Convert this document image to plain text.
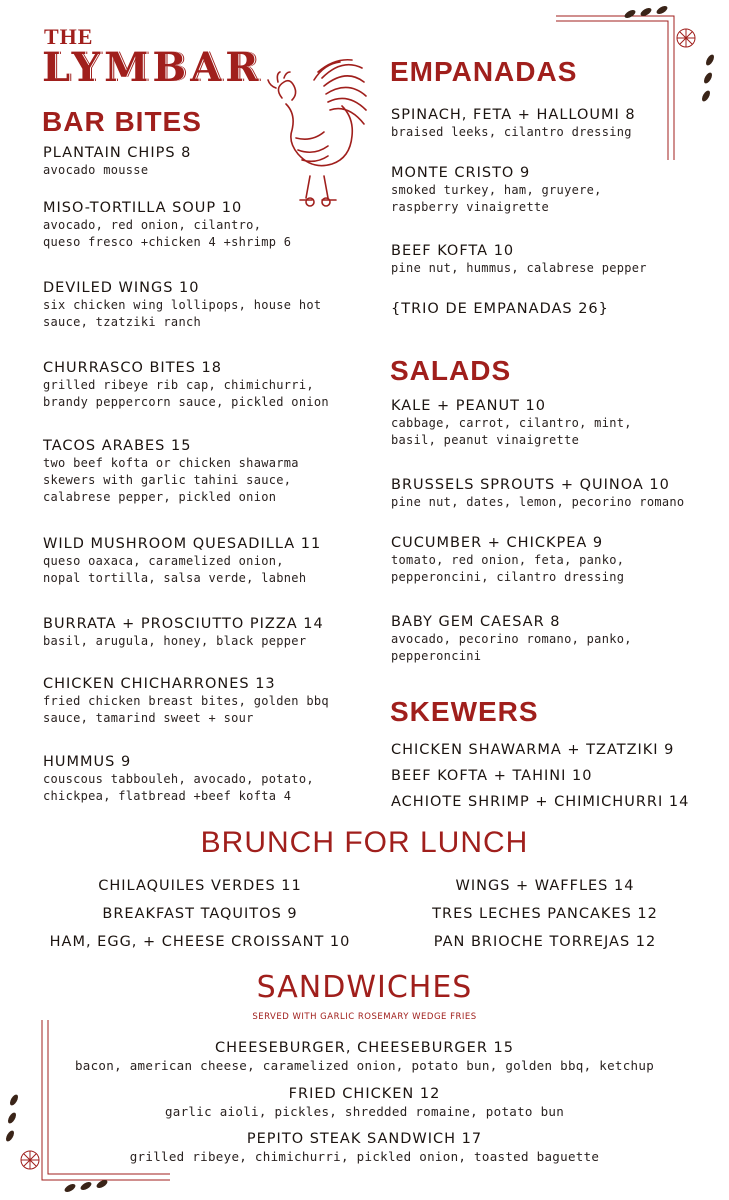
THE
LYMBAR
BAR BITES
PLANTAIN CHIPS 8
avocado mousse
MISO-TORTILLA SOUP 10
avocado, red onion, cilantro,
queso fresco +chicken 4 +shrimp 6
DEVILED WINGS 10
six chicken wing lollipops, house hot
sauce, tzatziki ranch
CHURRASCO BITES 18
grilled ribeye rib cap, chimichurri,
brandy peppercorn sauce, pickled onion
TACOS ARABES 15
two beef kofta or chicken shawarma
skewers with garlic tahini sauce,
calabrese pepper, pickled onion
WILD MUSHROOM QUESADILLA 11
queso oaxaca, caramelized onion,
nopal tortilla, salsa verde, labneh
BURRATA + PROSCIUTTO PIZZA 14
basil, arugula, honey, black pepper
CHICKEN CHICHARRONES 13
fried chicken breast bites, golden bbq
sauce, tamarind sweet + sour
HUMMUS 9
couscous tabbouleh, avocado, potato,
chickpea, flatbread +beef kofta 4
EMPANADAS
SPINACH, FETA + HALLOUMI 8
braised leeks, cilantro dressing
MONTE CRISTO 9
smoked turkey, ham, gruyere,
raspberry vinaigrette
BEEF KOFTA 10
pine nut, hummus, calabrese pepper
{TRIO DE EMPANADAS 26}
SALADS
KALE + PEANUT 10
cabbage, carrot, cilantro, mint,
basil, peanut vinaigrette
BRUSSELS SPROUTS + QUINOA 10
pine nut, dates, lemon, pecorino romano
CUCUMBER + CHICKPEA 9
tomato, red onion, feta, panko,
pepperoncini, cilantro dressing
BABY GEM CAESAR 8
avocado, pecorino romano, panko,
pepperoncini
SKEWERS
CHICKEN SHAWARMA + TZATZIKI 9
BEEF KOFTA + TAHINI 10
ACHIOTE SHRIMP + CHIMICHURRI 14
BRUNCH FOR LUNCH
CHILAQUILES VERDES 11
BREAKFAST TAQUITOS 9
HAM, EGG, + CHEESE CROISSANT 10
WINGS + WAFFLES 14
TRES LECHES PANCAKES 12
PAN BRIOCHE TORREJAS 12
SANDWICHES
SERVED WITH GARLIC ROSEMARY WEDGE FRIES
CHEESEBURGER, CHEESEBURGER 15
bacon, american cheese, caramelized onion, potato bun, golden bbq, ketchup
FRIED CHICKEN 12
garlic aioli, pickles, shredded romaine, potato bun
PEPITO STEAK SANDWICH 17
grilled ribeye, chimichurri, pickled onion, toasted baguette
